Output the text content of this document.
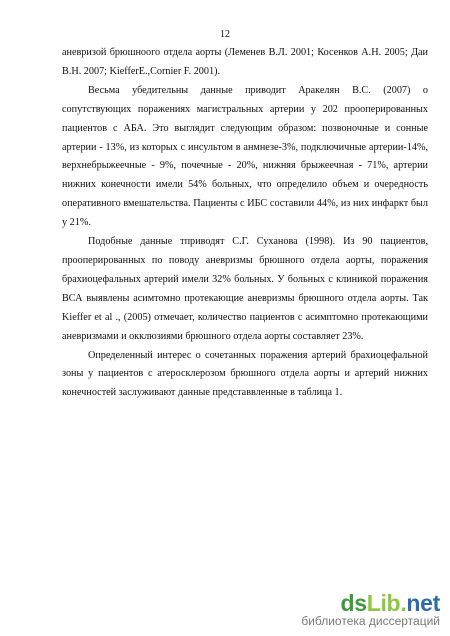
12

аневризой брюшноого отдела аорты (Леменев В.Л. 2001; Косенков А.Н. 2005; Даи В.Н. 2007; KiefferE.,Cornier F. 2001).

Весьма убедительны данные приводит Аракелян В.С. (2007) о сопутствующих поражениях магистральных артерии у 202 прооперированных пациентов с АБА. Это выглядит следующим образом: позвоночные и сонные артерии - 13%, из которых с инсультом в анмнезе-3%, подключичные артерии-14%, верхнебрыжеечные - 9%, почечные - 20%, нижняя брыжеечная - 71%, артерии нижних конечности имели 54% больных, что определило объем и очередность оперативного вмешательства. Пациенты с ИБС составили 44%, из них инфаркт был у 21%.

Подобные данные тприводят С.Г. Суханова (1998). Из 90 пациентов, прооперированных по поводу аневризмы брюшного отдела аорты, поражения брахиоцефальных артерий имели 32% больных. У больных с клиникой поражения ВСА выявлены асимтомно протекающие аневризмы брюшного отдела аорты. Так Kieffer et al ., (2005) отмечает, количество пациентов с асимптомно протекающими аневризмами и окклюзиями брюшного отдела аорты составляет 23%.

Определенный интерес о сочетанных поражения артерий брахиоцефальной зоны у пациентов с атеросклерозом брюшного отдела аорты и артерий нижних конечностей заслуживают данные представвленные в таблица 1.

dsLib.net
библиотека диссертаций
